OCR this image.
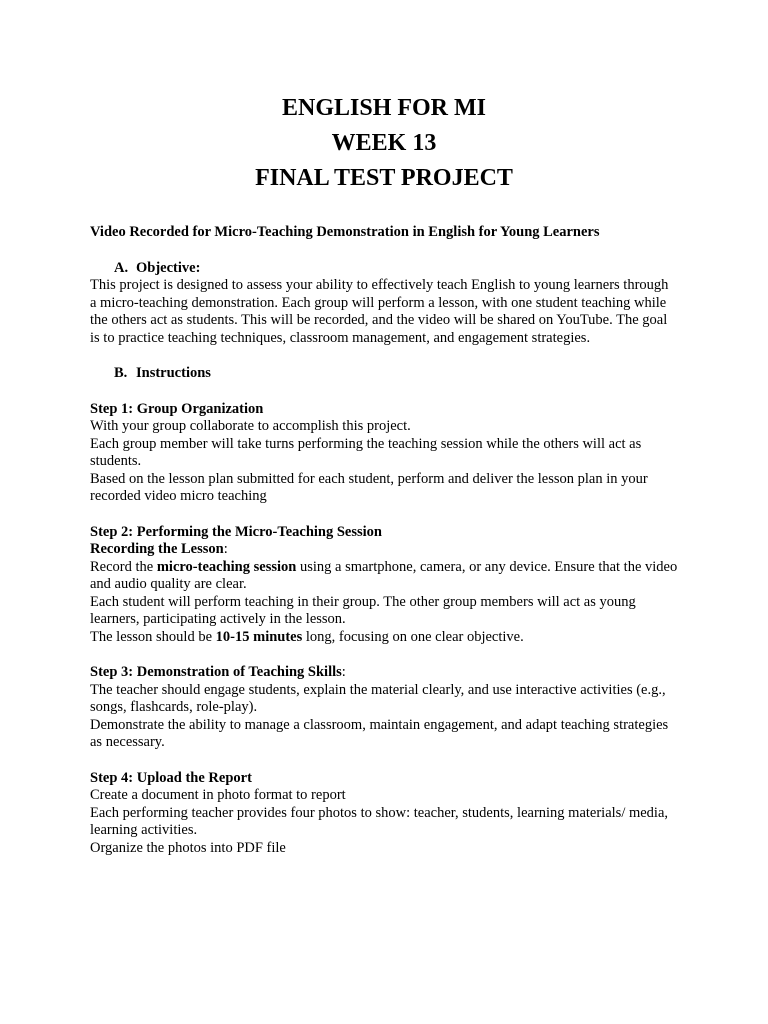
ENGLISH FOR MI
WEEK 13
FINAL TEST PROJECT

Video Recorded for Micro-Teaching Demonstration in English for Young Learners

A. Objective:

This project is designed to assess your ability to effectively teach English to young learners through a micro-teaching demonstration. Each group will perform a lesson, with one student teaching while the others act as students. This will be recorded, and the video will be shared on YouTube. The goal is to practice teaching techniques, classroom management, and engagement strategies.

B. Instructions

Step 1: Group Organization

With your group collaborate to accomplish this project.

Each group member will take turns performing the teaching session while the others will act as students.

Based on the lesson plan submitted for each student, perform and deliver the lesson plan in your recorded video micro teaching

Step 2: Performing the Micro-Teaching Session

Recording the Lesson:

Record the micro-teaching session using a smartphone, camera, or any device. Ensure that the video and audio quality are clear.

Each student will perform teaching in their group. The other group members will act as young learners, participating actively in the lesson.

The lesson should be 10-15 minutes long, focusing on one clear objective.

Step 3: Demonstration of Teaching Skills:

The teacher should engage students, explain the material clearly, and use interactive activities (e.g., songs, flashcards, role-play).

Demonstrate the ability to manage a classroom, maintain engagement, and adapt teaching strategies as necessary.

Step 4: Upload the Report

Create a document in photo format to report

Each performing teacher provides four photos to show: teacher, students, learning materials/ media, learning activities.

Organize the photos into PDF file
